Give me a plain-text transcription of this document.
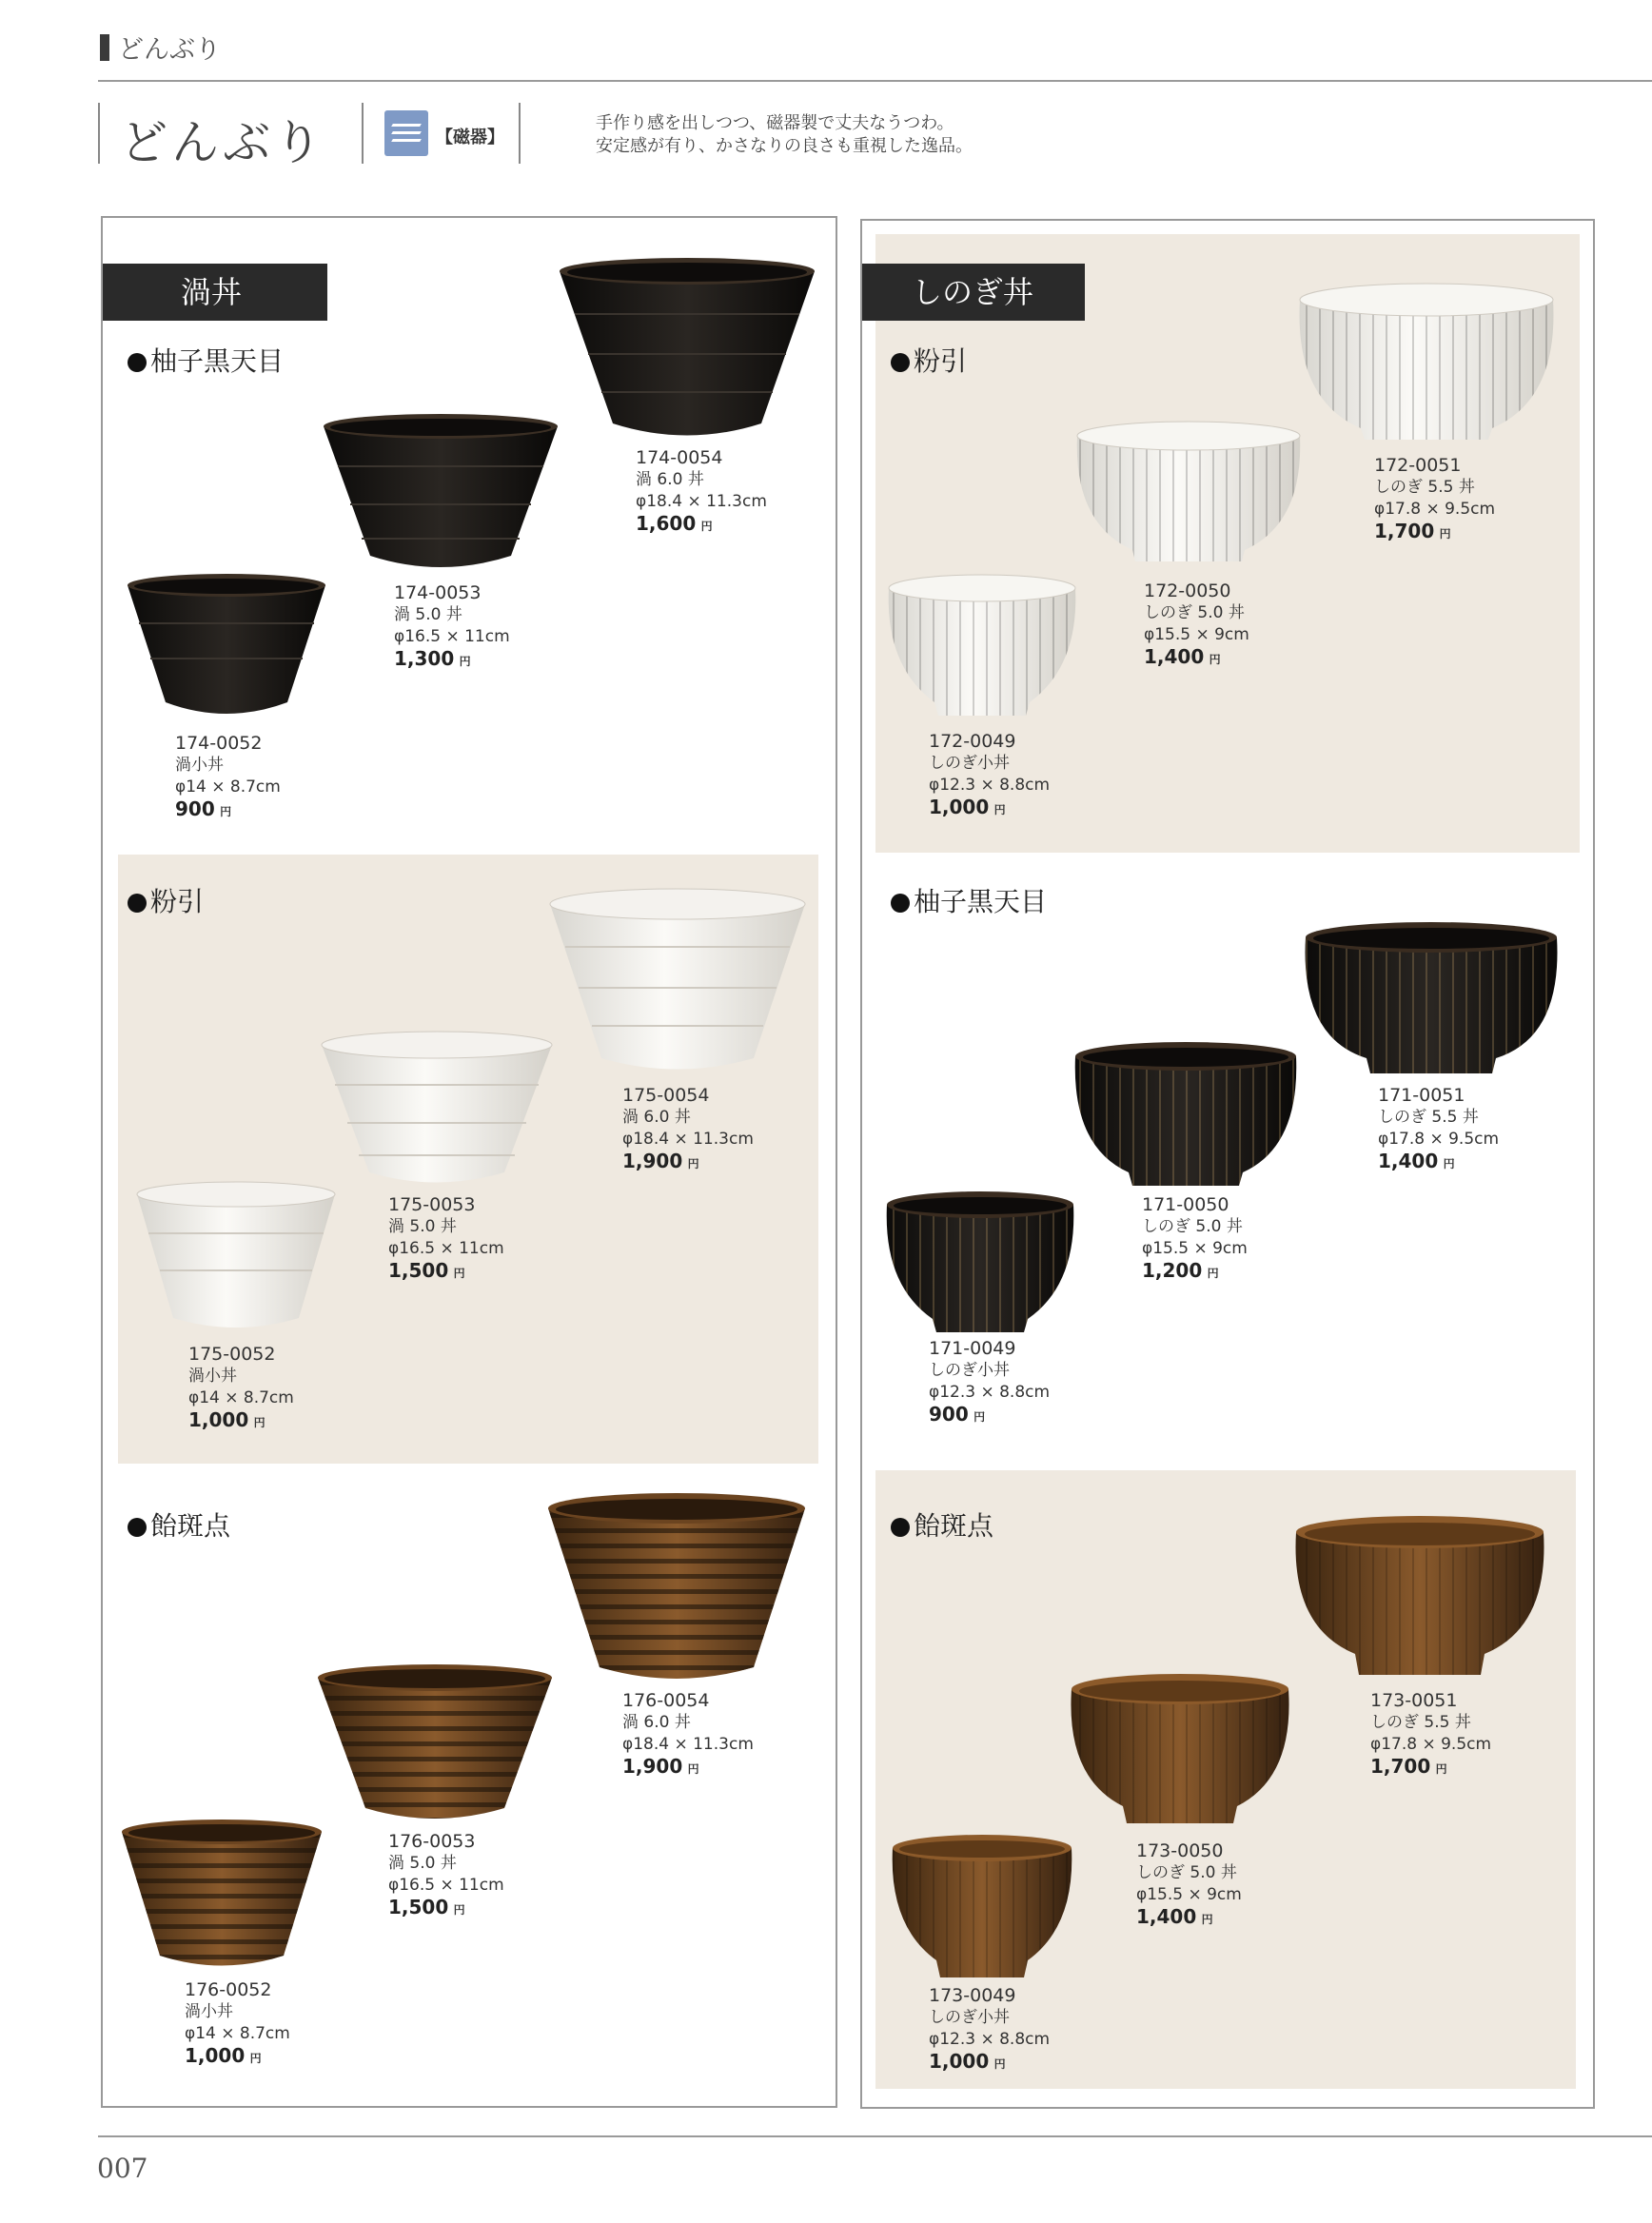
どんぶり
どんぶり	【磁器】
手作り感を出しつつ、磁器製で丈夫なうつわ。
安定感が有り、かさなりの良さも重視した逸品。
渦丼
柚子黒天目
粉引
飴斑点
しのぎ丼
粉引
柚子黒天目
飴斑点
174-0054
渦 6.0 丼
φ18.4 × 11.3cm
1,600 円
174-0053
渦 5.0 丼
φ16.5 × 11cm
1,300 円
174-0052
渦小丼
φ14 × 8.7cm
900 円
175-0054
渦 6.0 丼
φ18.4 × 11.3cm
1,900 円
175-0053
渦 5.0 丼
φ16.5 × 11cm
1,500 円
175-0052
渦小丼
φ14 × 8.7cm
1,000 円
176-0054
渦 6.0 丼
φ18.4 × 11.3cm
1,900 円
176-0053
渦 5.0 丼
φ16.5 × 11cm
1,500 円
176-0052
渦小丼
φ14 × 8.7cm
1,000 円
172-0051
しのぎ 5.5 丼
φ17.8 × 9.5cm
1,700 円
172-0050
しのぎ 5.0 丼
φ15.5 × 9cm
1,400 円
172-0049
しのぎ小丼
φ12.3 × 8.8cm
1,000 円
171-0051
しのぎ 5.5 丼
φ17.8 × 9.5cm
1,400 円
171-0050
しのぎ 5.0 丼
φ15.5 × 9cm
1,200 円
171-0049
しのぎ小丼
φ12.3 × 8.8cm
900 円
173-0051
しのぎ 5.5 丼
φ17.8 × 9.5cm
1,700 円
173-0050
しのぎ 5.0 丼
φ15.5 × 9cm
1,400 円
173-0049
しのぎ小丼
φ12.3 × 8.8cm
1,000 円
007
